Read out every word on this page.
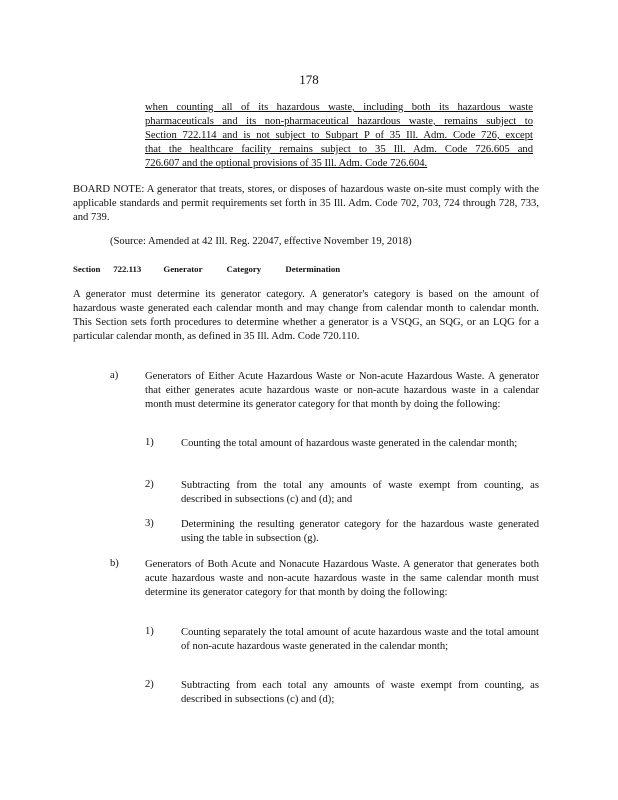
178
when counting all of its hazardous waste, including both its hazardous waste
pharmaceuticals and its non-pharmaceutical hazardous waste, remains subject to
Section 722.114 and is not subject to Subpart P of 35 Ill. Adm. Code 726, except
that the healthcare facility remains subject to 35 Ill. Adm. Code 726.605 and
726.607 and the optional provisions of 35 Ill. Adm. Code 726.604.
BOARD NOTE: A generator that treats, stores, or disposes of hazardous waste on-site must comply with the applicable standards and permit requirements set forth in 35 Ill. Adm. Code 702, 703, 724 through 728, 733, and 739.
(Source: Amended at 42 Ill. Reg. 22047, effective November 19, 2018)
Section 722.113	Generator Category Determination
A generator must determine its generator category. A generator's category is based on the amount of hazardous waste generated each calendar month and may change from calendar month to calendar month. This Section sets forth procedures to determine whether a generator is a VSQG, an SQG, or an LQG for a particular calendar month, as defined in 35 Ill. Adm. Code 720.110.
a)	Generators of Either Acute Hazardous Waste or Non-acute Hazardous Waste. A generator that either generates acute hazardous waste or non-acute hazardous waste in a calendar month must determine its generator category for that month by doing the following:
1)	Counting the total amount of hazardous waste generated in the calendar month;
2)	Subtracting from the total any amounts of waste exempt from counting, as described in subsections (c) and (d); and
3)	Determining the resulting generator category for the hazardous waste generated using the table in subsection (g).
b) Generators of Both Acute and Nonacute Hazardous Waste. A generator that generates both acute hazardous waste and non-acute hazardous waste in the same calendar month must determine its generator category for that month by doing the following:
1)	Counting separately the total amount of acute hazardous waste and the total amount of non-acute hazardous waste generated in the calendar month;
2)	Subtracting from each total any amounts of waste exempt from counting, as described in subsections (c) and (d);
